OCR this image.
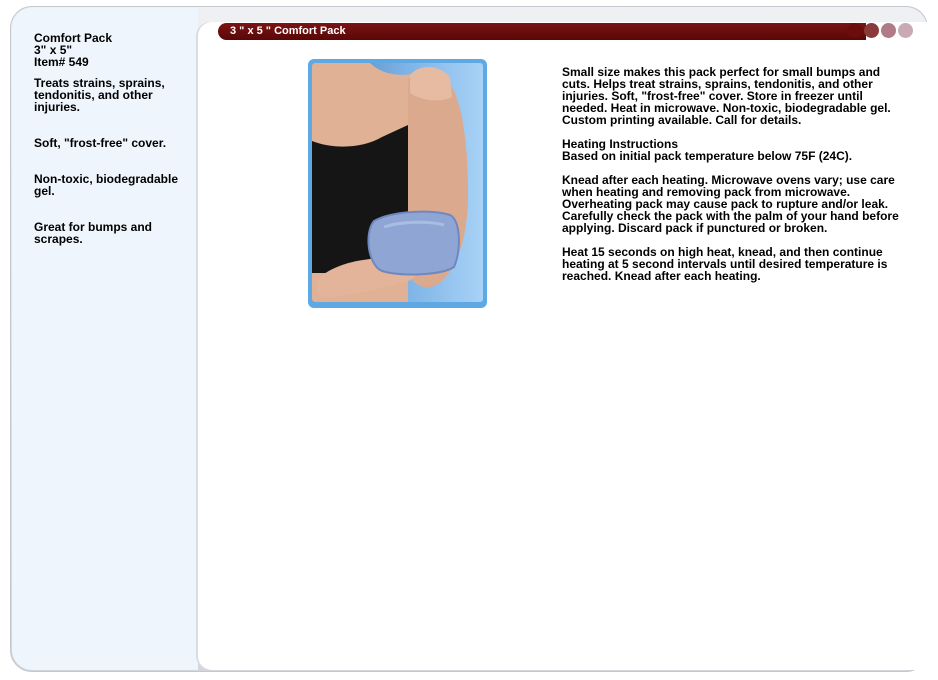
Comfort Pack
3" x 5"
Item# 549
Treats strains, sprains, tendonitis, and other injuries.
Soft, "frost-free" cover.
Non-toxic, biodegradable gel.
Great for bumps and scrapes.
3 " x 5 " Comfort Pack

Small size makes this pack perfect for small bumps and cuts. Helps treat strains, sprains, tendonitis, and other injuries. Soft, "frost-free" cover. Store in freezer until needed. Heat in microwave. Non-toxic, biodegradable gel. Custom printing available. Call for details.

Heating Instructions
Based on initial pack temperature below 75F (24C).

Knead after each heating. Microwave ovens vary; use care when heating and removing pack from microwave. Overheating pack may cause pack to rupture and/or leak. Carefully check the pack with the palm of your hand before applying. Discard pack if punctured or broken.

Heat 15 seconds on high heat, knead, and then continue heating at 5 second intervals until desired temperature is reached. Knead after each heating.
